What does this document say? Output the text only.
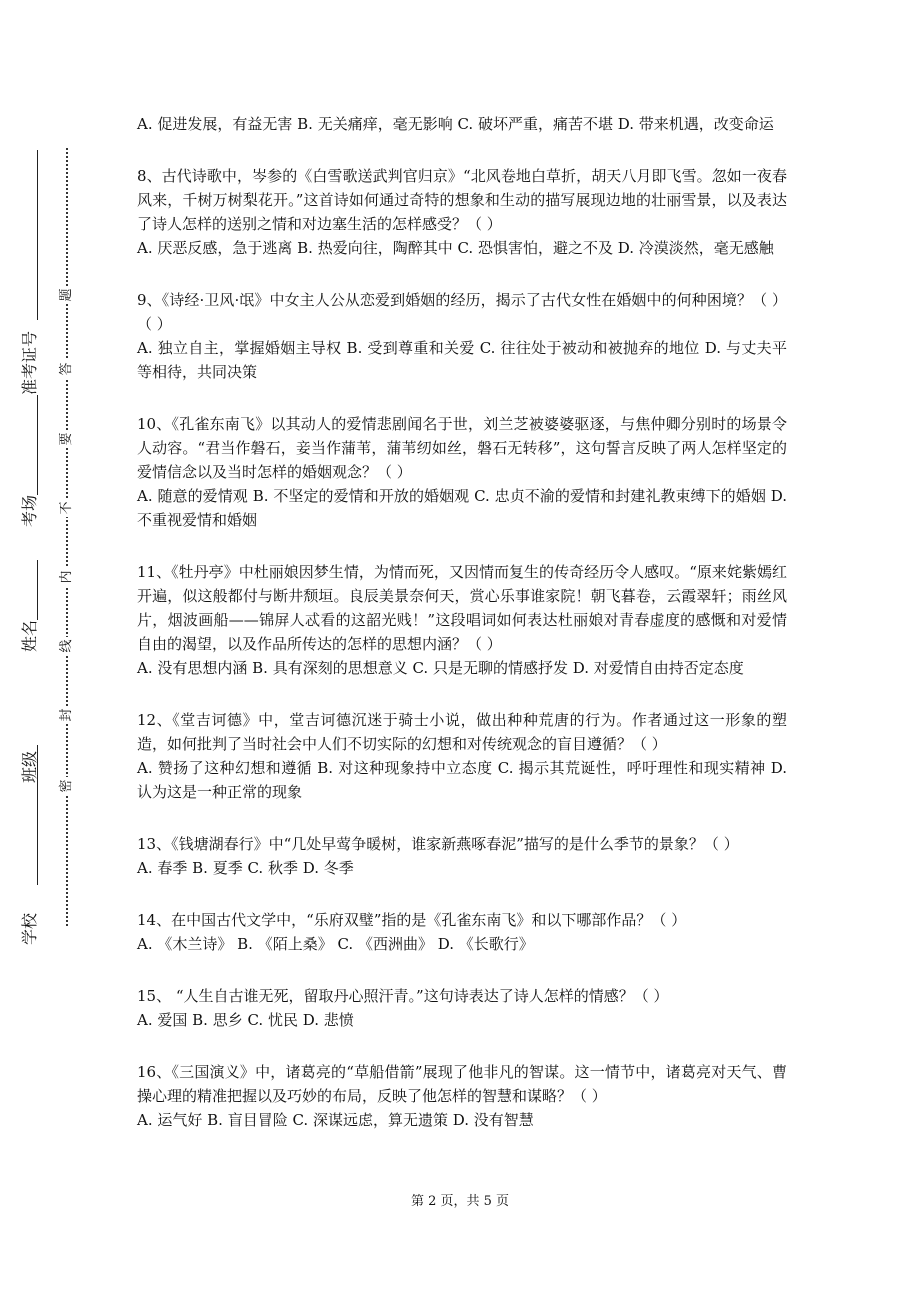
准考证号
考场
姓名
班级
学校
题
答
要
不
内
线
封
密

A. 促进发展，有益无害 B. 无关痛痒，毫无影响 C. 破坏严重，痛苦不堪 D. 带来机遇，改变命运

8、古代诗歌中，岑参的《白雪歌送武判官归京》“北风卷地白草折，胡天八月即飞雪。忽如一夜春风来，千树万树梨花开。”这首诗如何通过奇特的想象和生动的描写展现边地的壮丽雪景，以及表达了诗人怎样的送别之情和对边塞生活的怎样感受？（ ）

A. 厌恶反感，急于逃离 B. 热爱向往，陶醉其中 C. 恐惧害怕，避之不及 D. 冷漠淡然，毫无感触

9、《诗经·卫风·氓》中女主人公从恋爱到婚姻的经历，揭示了古代女性在婚姻中的何种困境？（ ） （ ）

A. 独立自主，掌握婚姻主导权 B. 受到尊重和关爱 C. 往往处于被动和被抛弃的地位 D. 与丈夫平等相待，共同决策

10、《孔雀东南飞》以其动人的爱情悲剧闻名于世，刘兰芝被婆婆驱逐，与焦仲卿分别时的场景令人动容。“君当作磐石，妾当作蒲苇，蒲苇纫如丝，磐石无转移”，这句誓言反映了两人怎样坚定的爱情信念以及当时怎样的婚姻观念？（ ）

A. 随意的爱情观 B. 不坚定的爱情和开放的婚姻观 C. 忠贞不渝的爱情和封建礼教束缚下的婚姻 D. 不重视爱情和婚姻

11、《牡丹亭》中杜丽娘因梦生情，为情而死，又因情而复生的传奇经历令人感叹。“原来姹紫嫣红开遍，似这般都付与断井颓垣。良辰美景奈何天，赏心乐事谁家院！朝飞暮卷，云霞翠轩；雨丝风片，烟波画船——锦屏人忒看的这韶光贱！”这段唱词如何表达杜丽娘对青春虚度的感慨和对爱情自由的渴望，以及作品所传达的怎样的思想内涵？（ ）

A. 没有思想内涵 B. 具有深刻的思想意义 C. 只是无聊的情感抒发 D. 对爱情自由持否定态度

12、《堂吉诃德》中，堂吉诃德沉迷于骑士小说，做出种种荒唐的行为。作者通过这一形象的塑造，如何批判了当时社会中人们不切实际的幻想和对传统观念的盲目遵循？（ ）

A. 赞扬了这种幻想和遵循 B. 对这种现象持中立态度 C. 揭示其荒诞性，呼吁理性和现实精神 D. 认为这是一种正常的现象

13、《钱塘湖春行》中“几处早莺争暖树，谁家新燕啄春泥”描写的是什么季节的景象？（ ）

A. 春季 B. 夏季 C. 秋季 D. 冬季

14、在中国古代文学中，“乐府双璧”指的是《孔雀东南飞》和以下哪部作品？（ ）

A. 《木兰诗》 B. 《陌上桑》 C. 《西洲曲》 D. 《长歌行》

15、 “人生自古谁无死，留取丹心照汗青。”这句诗表达了诗人怎样的情感？（ ）

A. 爱国 B. 思乡 C. 忧民 D. 悲愤

16、《三国演义》中，诸葛亮的“草船借箭”展现了他非凡的智谋。这一情节中，诸葛亮对天气、曹操心理的精准把握以及巧妙的布局，反映了他怎样的智慧和谋略？（ ）

A. 运气好 B. 盲目冒险 C. 深谋远虑，算无遗策 D. 没有智慧

第 2 页，共 5 页
